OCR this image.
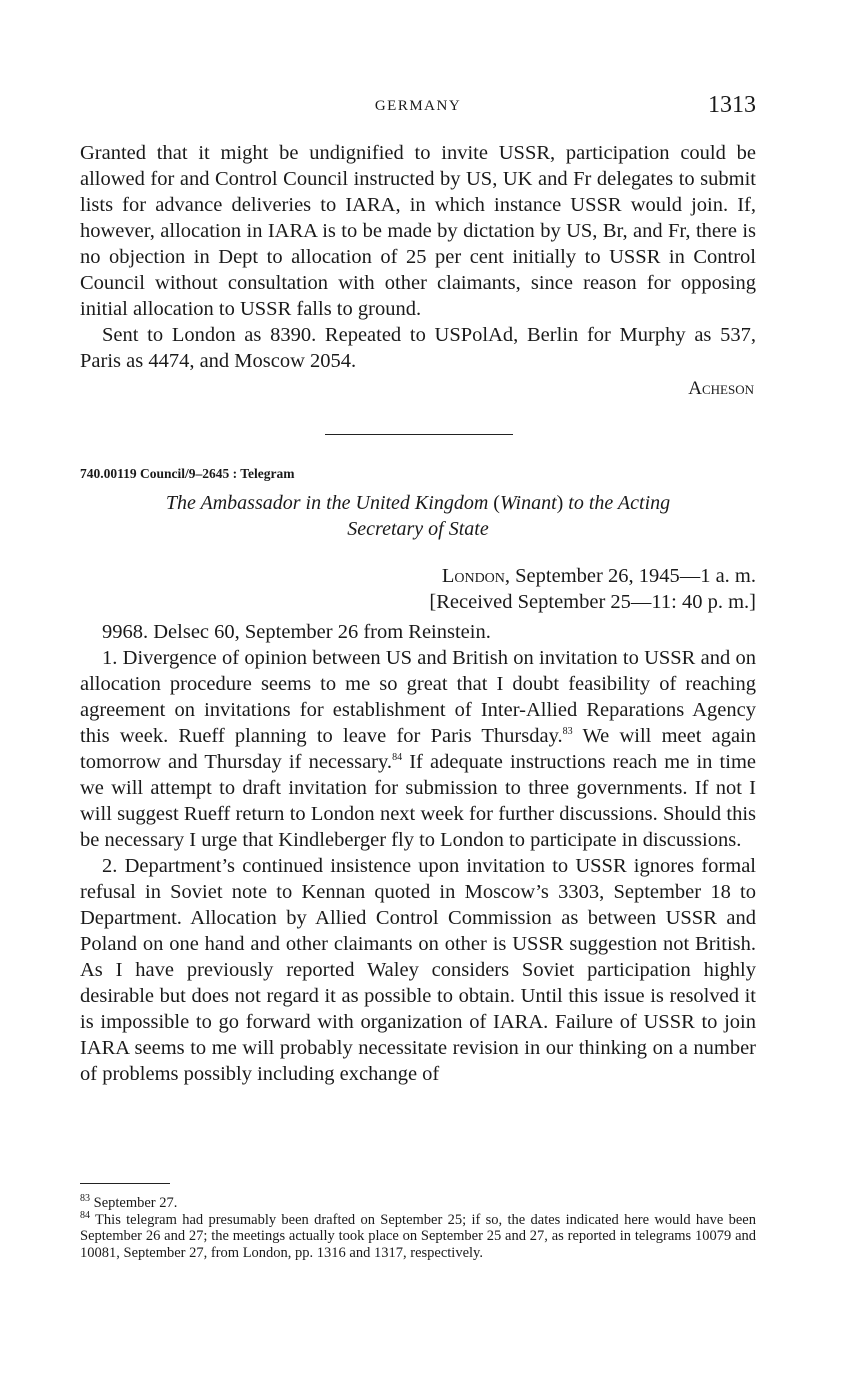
GERMANY	1313

Granted that it might be undignified to invite USSR, participation could be allowed for and Control Council instructed by US, UK and Fr delegates to submit lists for advance deliveries to IARA, in which instance USSR would join. If, however, allocation in IARA is to be made by dictation by US, Br, and Fr, there is no objection in Dept to allocation of 25 per cent initially to USSR in Control Council without consultation with other claimants, since reason for opposing initial allocation to USSR falls to ground.

Sent to London as 8390. Repeated to USPolAd, Berlin for Murphy as 537, Paris as 4474, and Moscow 2054.

Acheson
740.00119 Council/9–2645 : Telegram
The Ambassador in the United Kingdom (Winant) to the Acting
Secretary of State
London, September 26, 1945—1 a. m.
[Received September 25—11: 40 p. m.]

9968. Delsec 60, September 26 from Reinstein.

1. Divergence of opinion between US and British on invitation to USSR and on allocation procedure seems to me so great that I doubt feasibility of reaching agreement on invitations for establishment of Inter-Allied Reparations Agency this week. Rueff planning to leave for Paris Thursday.$^{83}$ We will meet again tomorrow and Thursday if necessary.$^{84}$ If adequate instructions reach me in time we will attempt to draft invitation for submission to three governments. If not I will suggest Rueff return to London next week for further discussions. Should this be necessary I urge that Kindleberger fly to London to participate in discussions.

2. Department’s continued insistence upon invitation to USSR ignores formal refusal in Soviet note to Kennan quoted in Moscow’s 3303, September 18 to Department. Allocation by Allied Control Commission as between USSR and Poland on one hand and other claimants on other is USSR suggestion not British. As I have previously reported Waley considers Soviet participation highly desirable but does not regard it as possible to obtain. Until this issue is resolved it is impossible to go forward with organization of IARA. Failure of USSR to join IARA seems to me will probably necessitate revision in our thinking on a number of problems possibly including exchange of

$^{83}$ September 27.

$^{84}$ This telegram had presumably been drafted on September 25; if so, the dates indicated here would have been September 26 and 27; the meetings actually took place on September 25 and 27, as reported in telegrams 10079 and 10081, September 27, from London, pp. 1316 and 1317, respectively.
